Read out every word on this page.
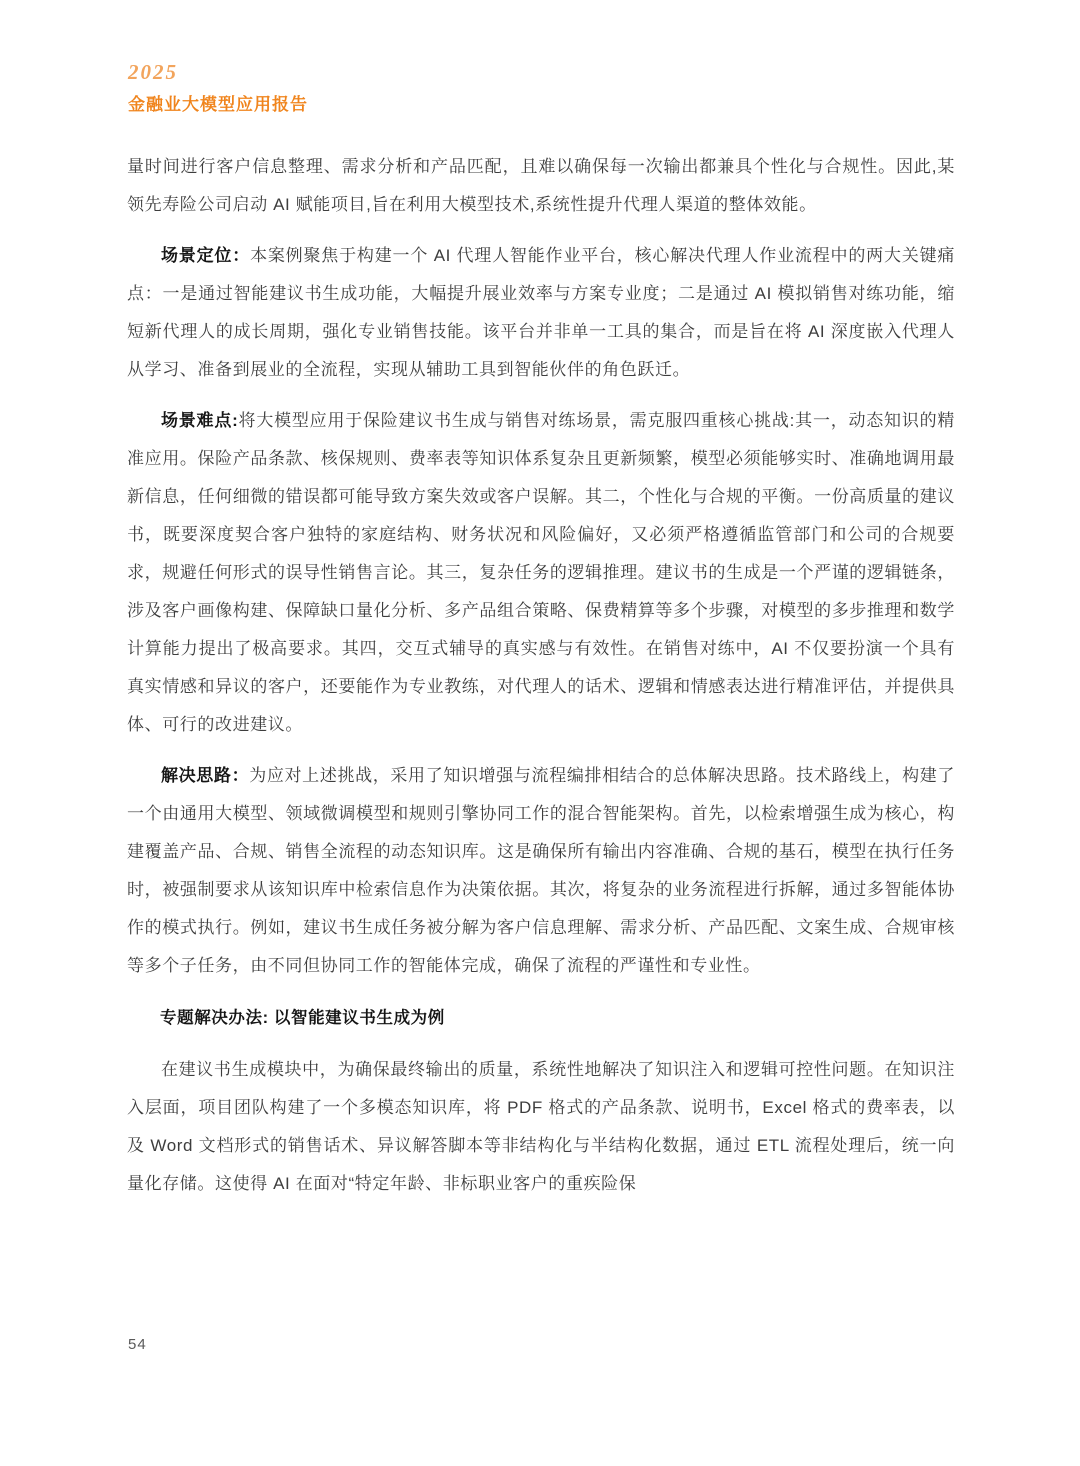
2025
金融业大模型应用报告

量时间进行客户信息整理、需求分析和产品匹配，且难以确保每一次输出都兼具个性化与合规性。因此,某领先寿险公司启动 AI 赋能项目,旨在利用大模型技术,系统性提升代理人渠道的整体效能。

场景定位：本案例聚焦于构建一个 AI 代理人智能作业平台，核心解决代理人作业流程中的两大关键痛点：一是通过智能建议书生成功能，大幅提升展业效率与方案专业度；二是通过 AI 模拟销售对练功能，缩短新代理人的成长周期，强化专业销售技能。该平台并非单一工具的集合，而是旨在将 AI 深度嵌入代理人从学习、准备到展业的全流程，实现从辅助工具到智能伙伴的角色跃迁。

场景难点:将大模型应用于保险建议书生成与销售对练场景，需克服四重核心挑战:其一，动态知识的精准应用。保险产品条款、核保规则、费率表等知识体系复杂且更新频繁，模型必须能够实时、准确地调用最新信息，任何细微的错误都可能导致方案失效或客户误解。其二，个性化与合规的平衡。一份高质量的建议书，既要深度契合客户独特的家庭结构、财务状况和风险偏好，又必须严格遵循监管部门和公司的合规要求，规避任何形式的误导性销售言论。其三，复杂任务的逻辑推理。建议书的生成是一个严谨的逻辑链条，涉及客户画像构建、保障缺口量化分析、多产品组合策略、保费精算等多个步骤，对模型的多步推理和数学计算能力提出了极高要求。其四，交互式辅导的真实感与有效性。在销售对练中，AI 不仅要扮演一个具有真实情感和异议的客户，还要能作为专业教练，对代理人的话术、逻辑和情感表达进行精准评估，并提供具体、可行的改进建议。

解决思路：为应对上述挑战，采用了知识增强与流程编排相结合的总体解决思路。技术路线上，构建了一个由通用大模型、领域微调模型和规则引擎协同工作的混合智能架构。首先，以检索增强生成为核心，构建覆盖产品、合规、销售全流程的动态知识库。这是确保所有输出内容准确、合规的基石，模型在执行任务时，被强制要求从该知识库中检索信息作为决策依据。其次，将复杂的业务流程进行拆解，通过多智能体协作的模式执行。例如，建议书生成任务被分解为客户信息理解、需求分析、产品匹配、文案生成、合规审核等多个子任务，由不同但协同工作的智能体完成，确保了流程的严谨性和专业性。

专题解决办法: 以智能建议书生成为例

在建议书生成模块中，为确保最终输出的质量，系统性地解决了知识注入和逻辑可控性问题。在知识注入层面，项目团队构建了一个多模态知识库，将 PDF 格式的产品条款、说明书，Excel 格式的费率表，以及 Word 文档形式的销售话术、异议解答脚本等非结构化与半结构化数据，通过 ETL 流程处理后，统一向量化存储。这使得 AI 在面对“特定年龄、非标职业客户的重疾险保

54
